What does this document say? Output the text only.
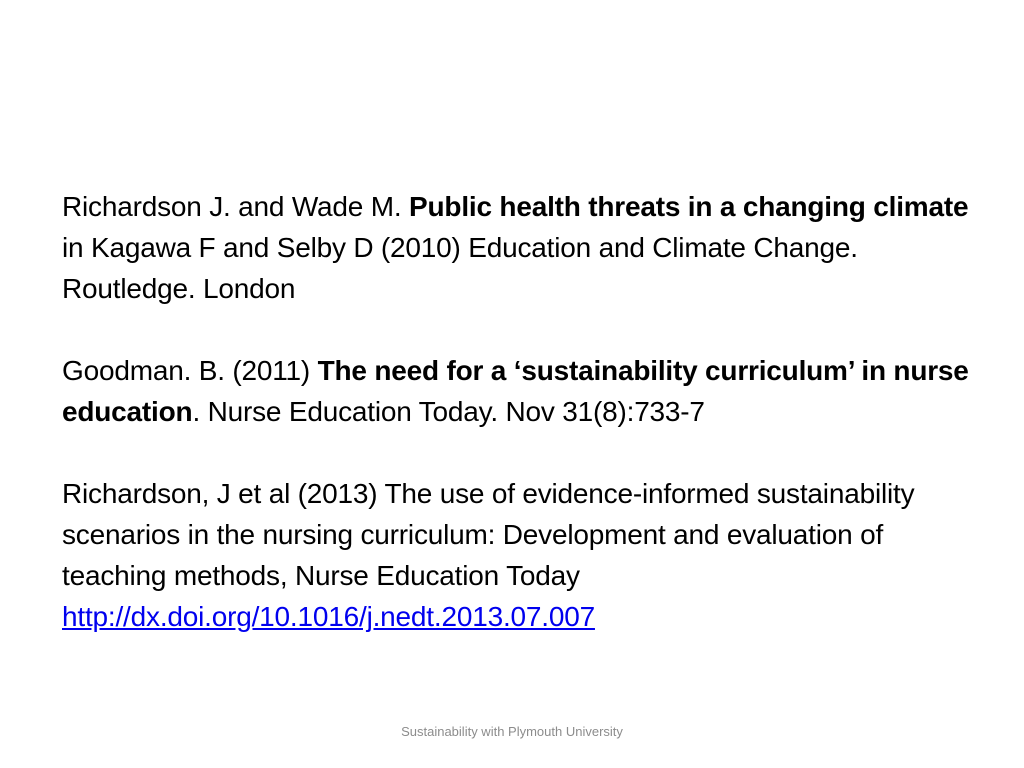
Richardson J. and Wade M. Public health threats in a changing climate in Kagawa F and Selby D (2010) Education and Climate Change. Routledge. London

Goodman. B. (2011) The need for a ‘sustainability curriculum’ in nurse education. Nurse Education Today. Nov 31(8):733-7

Richardson, J et al (2013) The use of evidence-informed sustainability scenarios in the nursing curriculum: Development and evaluation of teaching methods, Nurse Education Today
http://dx.doi.org/10.1016/j.nedt.2013.07.007

Sustainability with Plymouth University
